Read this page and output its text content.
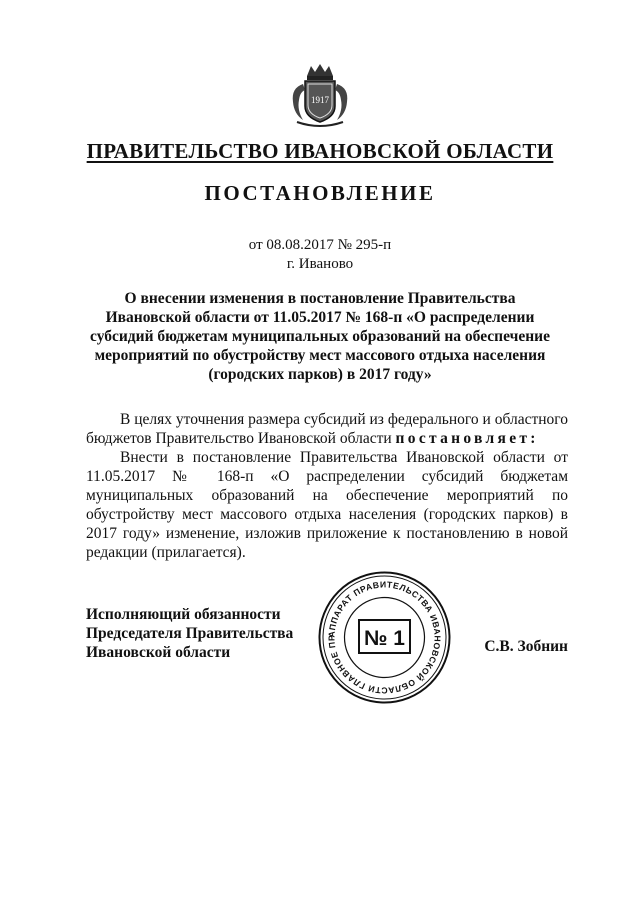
1917
ПРАВИТЕЛЬСТВО ИВАНОВСКОЙ ОБЛАСТИ
ПОСТАНОВЛЕНИЕ
от 08.08.2017 № 295-п
г. Иваново
О внесении изменения в постановление Правительства
Ивановской области от 11.05.2017 № 168-п «О распределении
субсидий бюджетам муниципальных образований на обеспечение
мероприятий по обустройству мест массового отдыха населения
(городских парков) в 2017 году»

В целях уточнения размера субсидий из федерального и областного бюджетов Правительство Ивановской области постановляет:

Внести в постановление Правительства Ивановской области от 11.05.2017 № 168-п «О распределении субсидий бюджетам муниципальных образований на обеспечение мероприятий по обустройству мест массового отдыха населения (городских парков) в 2017 году» изменение, изложив приложение к постановлению в новой редакции (прилагается).

Исполняющий обязанности
Председателя Правительства
Ивановской области
АППАРАТ ПРАВИТЕЛЬСТВА ИВАНОВСКОЙ ОБЛАСТИ ГЛАВНОЕ ПР	№ 1	С.В. Зобнин
